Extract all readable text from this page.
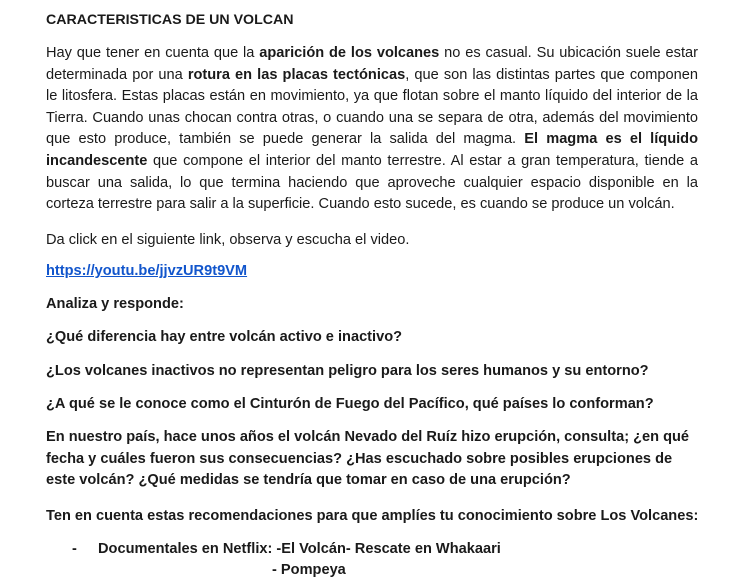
CARACTERISTICAS DE UN VOLCAN

Hay que tener en cuenta que la aparición de los volcanes no es casual. Su ubicación suele estar determinada por una rotura en las placas tectónicas, que son las distintas partes que componen le litosfera. Estas placas están en movimiento, ya que flotan sobre el manto líquido del interior de la Tierra. Cuando unas chocan contra otras, o cuando una se separa de otra, además del movimiento que esto produce, también se puede generar la salida del magma. El magma es el líquido incandescente que compone el interior del manto terrestre. Al estar a gran temperatura, tiende a buscar una salida, lo que termina haciendo que aproveche cualquier espacio disponible en la corteza terrestre para salir a la superficie. Cuando esto sucede, es cuando se produce un volcán.

Da click en el siguiente link, observa y escucha el video.

https://youtu.be/jjvzUR9t9VM

Analiza y responde:

¿Qué diferencia hay entre volcán activo e inactivo?

¿Los volcanes inactivos no representan peligro para los seres humanos y su entorno?

¿A qué se le conoce como el Cinturón de Fuego del Pacífico, qué países lo conforman?

En nuestro país, hace unos años el volcán Nevado del Ruíz hizo erupción, consulta; ¿en qué fecha y cuáles fueron sus consecuencias? ¿Has escuchado sobre posibles erupciones de este volcán? ¿Qué medidas se tendría que tomar en caso de una erupción?

Ten en cuenta estas recomendaciones para que amplíes tu conocimiento sobre Los Volcanes:

- Documentales en Netflix: -El Volcán- Rescate en Whakaari
- Pompeya
